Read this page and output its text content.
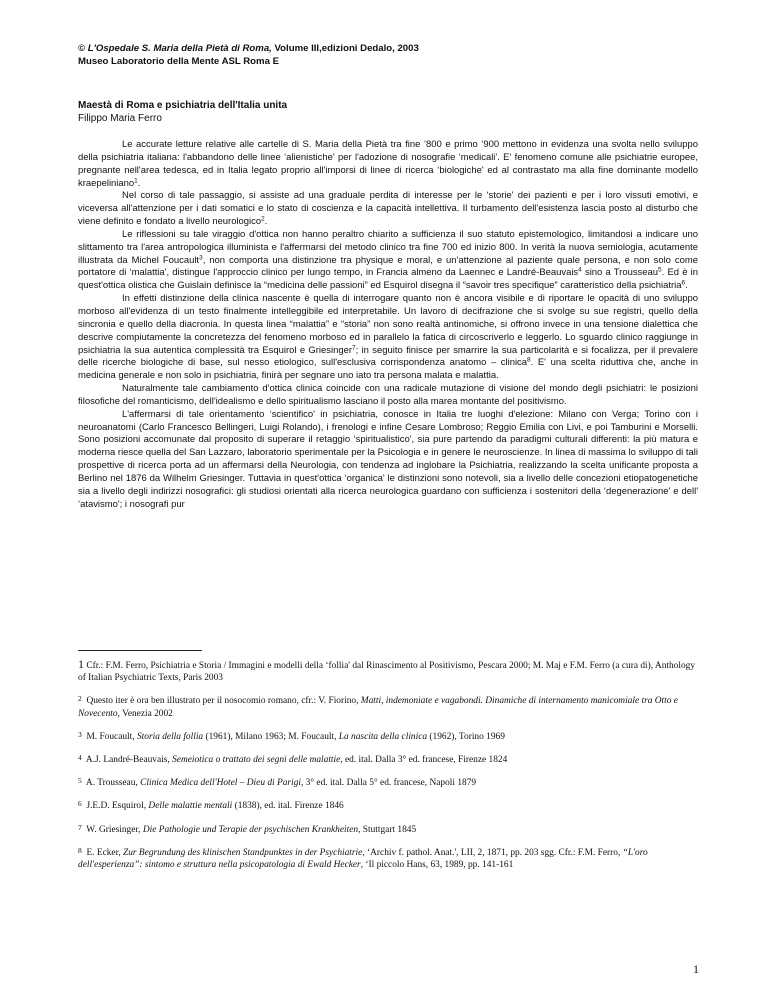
© L'Ospedale S. Maria della Pietà di Roma, Volume III,edizioni Dedalo, 2003
Museo Laboratorio della Mente ASL Roma E
Maestà di Roma e psichiatria dell'Italia unita
Filippo Maria Ferro

Le accurate letture relative alle cartelle di S. Maria della Pietà tra fine ‘800 e primo ‘900 mettono in evidenza una svolta nello sviluppo della psichiatria italiana: l'abbandono delle linee ‘alienistiche' per l'adozione di nosografie ‘medicali'. E' fenomeno comune alle psichiatrie europee, pregnante nell'area tedesca, ed in Italia legato proprio all'imporsi di linee di ricerca ‘biologiche' ed al contrastato ma alla fine dominante modello kraepeliniano$^1$.

Nel corso di tale passaggio, si assiste ad una graduale perdita di interesse per le ‘storie' dei pazienti e per i loro vissuti emotivi, e viceversa all'attenzione per i dati somatici e lo stato di coscienza e la capacità intellettiva. Il turbamento dell'esistenza lascia posto al disturbo che viene definito e fondato a livello neurologico$^2$.

Le riflessioni su tale viraggio d'ottica non hanno peraltro chiarito a sufficienza il suo statuto epistemologico, limitandosi a indicare uno slittamento tra l'area antropologica illuminista e l'affermarsi del metodo clinico tra fine 700 ed inizio 800. In verità la nuova semiologia, acutamente illustrata da Michel Foucault$^3$, non comporta una distinzione tra physique e moral, e un'attenzione al paziente quale persona, e non solo come portatore di ‘malattia', distingue l'approccio clinico per lungo tempo, in Francia almeno da Laennec e Landré-Beauvais$^4$ sino a Trousseau$^5$. Ed è in quest'ottica olistica che Guislain definisce la “medicina delle passioni” ed Esquirol disegna il “savoir tres specifique” caratteristico della psichiatria$^6$.

In effetti distinzione della clinica nascente è quella di interrogare quanto non è ancora visibile e di riportare le opacità di uno sviluppo morboso all'evidenza di un testo finalmente intelleggibile ed interpretabile. Un lavoro di decifrazione che si svolge su sue registri, quello della sincronia e quello della diacronia. In questa linea “malattia” e “storia” non sono realtà antinomiche, si offrono invece in una tensione dialettica che descrive compiutamente la concretezza del fenomeno morboso ed in parallelo la fatica di circoscriverlo e leggerlo. Lo sguardo clinico raggiunge in psichiatria la sua autentica complessità tra Esquirol e Griesinger$^7$; in seguito finisce per smarrire la sua particolarità e si focalizza, per il prevalere delle ricerche biologiche di base, sul nesso etiologico, sull'esclusiva corrispondenza anatomo – clinica$^8$. E' una scelta riduttiva che, anche in medicina generale e non solo in psichiatria, finirà per segnare uno iato tra persona malata e malattia.

Naturalmente tale cambiamento d'ottica clinica coincide con una radicale mutazione di visione del mondo degli psichiatri: le posizioni filosofiche del romanticismo, dell'idealismo e dello spiritualismo lasciano il posto alla marea montante del positivismo.

L'affermarsi di tale orientamento ‘scientifico' in psichiatria, conosce in Italia tre luoghi d'elezione: Milano con Verga; Torino con i neuroanatomi (Carlo Francesco Bellingeri, Luigi Rolando), i frenologi e infine Cesare Lombroso; Reggio Emilia con Livi, e poi Tamburini e Morselli. Sono posizioni accomunate dal proposito di superare il retaggio ‘spiritualistico', sia pure partendo da paradigmi culturali differenti: la più matura e moderna riesce quella del San Lazzaro, laboratorio sperimentale per la Psicologia e in genere le neuroscienze. In linea di massima lo sviluppo di tali prospettive di ricerca porta ad un affermarsi della Neurologia, con tendenza ad inglobare la Psichiatria, realizzando la scelta unificante proposta a Berlino nel 1876 da Wilhelm Griesinger. Tuttavia in quest'ottica ‘organica' le distinzioni sono notevoli, sia a livello delle concezioni etiopatogenetiche sia a livello degli indirizzi nosografici: gli studiosi orientati alla ricerca neurologica guardano con sufficienza i sostenitori della ‘degenerazione' e dell' ‘atavismo'; i nosografi pur

1 Cfr.: F.M. Ferro, Psichiatria e Storia / Immagini e modelli della ‘follia' dal Rinascimento al Positivismo, Pescara 2000; M. Maj e F.M. Ferro (a cura di), Anthology of Italian Psychiatric Texts, Paris 2003
$^2$ Questo iter è ora ben illustrato per il nosocomio romano, cfr.: V. Fiorino, Matti, indemoniate e vagabondi. Dinamiche di internamento manicomiale tra Otto e Novecento, Venezia 2002
$^3$ M. Foucault, Storia della follia (1961), Milano 1963; M. Foucault, La nascita della clinica (1962), Torino 1969
$^4$ A.J. Landré-Beauvais, Semeiotica o trattato dei segni delle malattie, ed. ital. Dalla 3° ed. francese, Firenze 1824
$^5$ A. Trousseau, Clinica Medica dell'Hotel – Dieu di Parigi, 3° ed. ital. Dalla 5° ed. francese, Napoli 1879
$^6$ J.E.D. Esquirol, Delle malattie mentali (1838), ed. ital. Firenze 1846
$^7$ W. Griesinger, Die Pathologie und Terapie der psychischen Krankheiten, Stuttgart 1845
$^8$ E. Ecker, Zur Begrundung des klinischen Standpunktes in der Psychiatrie, ‘Archiv f. pathol. Anat.', LII, 2, 1871, pp. 203 sgg. Cfr.: F.M. Ferro, “L'oro dell'esperienza”: sintomo e struttura nella psicopatologia di Ewald Hecker, ‘Il piccolo Hans, 63, 1989, pp. 141-161
1
